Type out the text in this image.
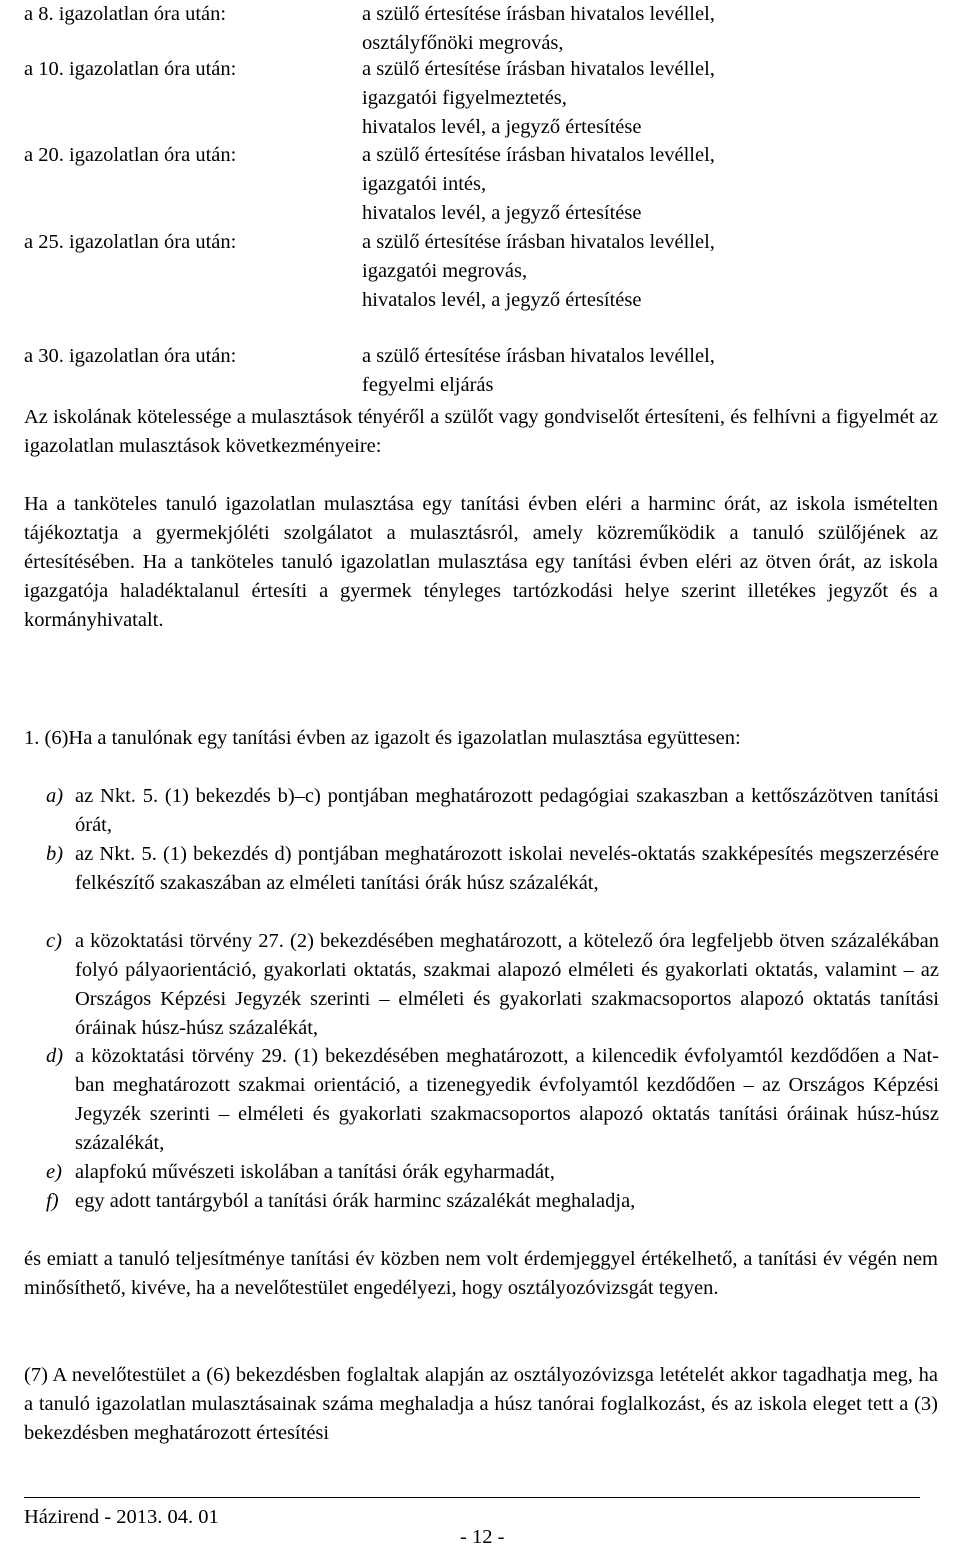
a 8. igazolatlan óra után:	a szülő értesítése írásban hivatalos levéllel,
osztályfőnöki megrovás,
a 10. igazolatlan óra után:	a szülő értesítése írásban hivatalos levéllel,
igazgatói figyelmeztetés,
hivatalos levél, a jegyző értesítése
a 20. igazolatlan óra után:	a szülő értesítése írásban hivatalos levéllel,
igazgatói intés,
hivatalos levél, a jegyző értesítése
a 25. igazolatlan óra után:	a szülő értesítése írásban hivatalos levéllel,
igazgatói megrovás,
hivatalos levél, a jegyző értesítése
a 30. igazolatlan óra után:	a szülő értesítése írásban hivatalos levéllel,
fegyelmi eljárás
Az iskolának kötelessége a mulasztások tényéről a szülőt vagy gondviselőt értesíteni, és felhívni a figyelmét az igazolatlan mulasztások következményeire:
Ha a tanköteles tanuló igazolatlan mulasztása egy tanítási évben eléri a harminc órát, az iskola ismételten tájékoztatja a gyermekjóléti szolgálatot a mulasztásról, amely közreműködik a tanuló szülőjének az értesítésében. Ha a tanköteles tanuló igazolatlan mulasztása egy tanítási évben eléri az ötven órát, az iskola igazgatója haladéktalanul értesíti a gyermek tényleges tartózkodási helye szerint illetékes jegyzőt és a kormányhivatalt.
1. (6)Ha a tanulónak egy tanítási évben az igazolt és igazolatlan mulasztása együttesen:
a) az Nkt. 5. (1) bekezdés b)–c) pontjában meghatározott pedagógiai szakaszban a kettőszázötven tanítási órát,
b) az Nkt. 5. (1) bekezdés d) pontjában meghatározott iskolai nevelés-oktatás szakképesítés megszerzésére felkészítő szakaszában az elméleti tanítási órák húsz százalékát,
c) a közoktatási törvény 27. (2) bekezdésében meghatározott, a kötelező óra legfeljebb ötven százalékában folyó pályaorientáció, gyakorlati oktatás, szakmai alapozó elméleti és gyakorlati oktatás, valamint – az Országos Képzési Jegyzék szerinti – elméleti és gyakorlati szakmacsoportos alapozó oktatás tanítási óráinak húsz-húsz százalékát,
d) a közoktatási törvény 29. (1) bekezdésében meghatározott, a kilencedik évfolyamtól kezdődően a Nat-ban meghatározott szakmai orientáció, a tizenegyedik évfolyamtól kezdődően – az Országos Képzési Jegyzék szerinti – elméleti és gyakorlati szakmacsoportos alapozó oktatás tanítási óráinak húsz-húsz százalékát,
e) alapfokú művészeti iskolában a tanítási órák egyharmadát,
f) egy adott tantárgyból a tanítási órák harminc százalékát meghaladja,
és emiatt a tanuló teljesítménye tanítási év közben nem volt érdemjeggyel értékelhető, a tanítási év végén nem minősíthető, kivéve, ha a nevelőtestület engedélyezi, hogy osztályozóvizsgát tegyen.
(7) A nevelőtestület a (6) bekezdésben foglaltak alapján az osztályozóvizsga letételét akkor tagadhatja meg, ha a tanuló igazolatlan mulasztásainak száma meghaladja a húsz tanórai foglalkozást, és az iskola eleget tett a (3) bekezdésben meghatározott értesítési
Házirend - 2013. 04. 01
- 12 -
